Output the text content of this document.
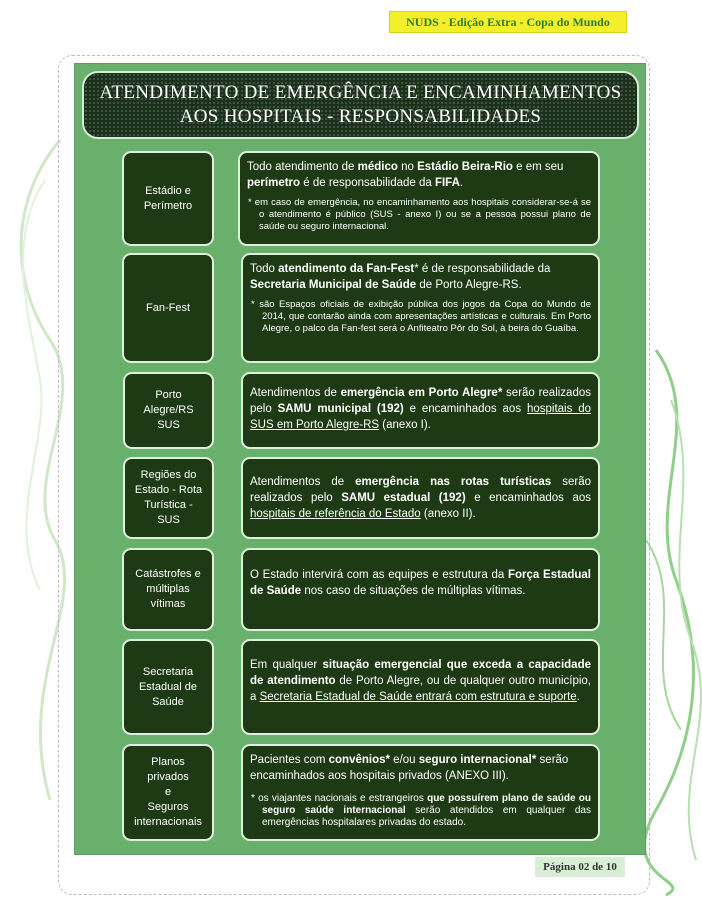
NUDS - Edição Extra - Copa do Mundo
ATENDIMENTO DE EMERGÊNCIA E ENCAMINHAMENTOS
AOS HOSPITAIS - RESPONSABILIDADES
Estádio e
Perímetro
Todo atendimento de médico no Estádio Beira-Rio e em seu perímetro é de responsabilidade da FIFA.
* em caso de emergência, no encaminhamento aos hospitais considerar-se-á se o atendimento é público (SUS - anexo I) ou se a pessoa possui plano de saúde ou seguro internacional.
Fan-Fest
Todo atendimento da Fan-Fest* é de responsabilidade da Secretaria Municipal de Saúde de Porto Alegre-RS.
* são Espaços oficiais de exibição pública dos jogos da Copa do Mundo de 2014, que contarão ainda com apresentações artísticas e culturais. Em Porto Alegre, o palco da Fan-fest será o Anfiteatro Pôr do Sol, à beira do Guaíba.
Porto
Alegre/RS
SUS
Atendimentos de emergência em Porto Alegre* serão realizados pelo SAMU municipal (192) e encaminhados aos hospitais do SUS em Porto Alegre-RS (anexo I).
Regiões do
Estado - Rota
Turística -
SUS
Atendimentos de emergência nas rotas turísticas serão realizados pelo SAMU estadual (192) e encaminhados aos hospitais de referência do Estado (anexo II).
Catástrofes e
múltiplas
vítimas
O Estado intervirá com as equipes e estrutura da Força Estadual de Saúde nos caso de situações de múltiplas vítimas.
Secretaria
Estadual de
Saúde
Em qualquer situação emergencial que exceda a capacidade de atendimento de Porto Alegre, ou de qualquer outro município, a Secretaria Estadual de Saúde entrará com estrutura e suporte.
Planos
privados
e
Seguros
internacionais
Pacientes com convênios* e/ou seguro internacional* serão encaminhados aos hospitais privados (ANEXO III).
* os viajantes nacionais e estrangeiros que possuírem plano de saúde ou seguro saúde internacional serão atendidos em qualquer das emergências hospitalares privadas do estado.
Página 02 de 10
